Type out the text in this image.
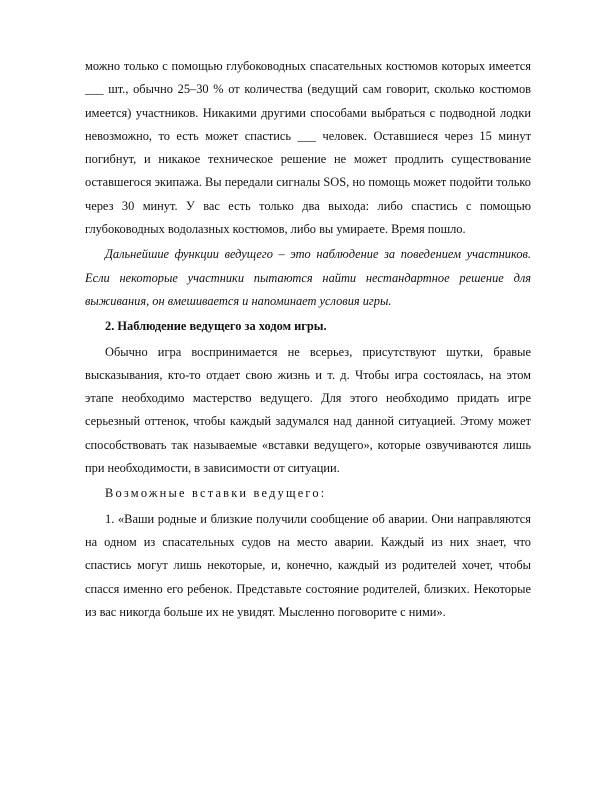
можно только с помощью глубоководных спасательных костюмов которых имеется ___ шт., обычно 25–30 % от количества (ведущий сам говорит, сколько костюмов имеется) участников. Никакими другими способами выбраться с подводной лодки невозможно, то есть может спастись ___ человек. Оставшиеся через 15 минут погибнут, и никакое техническое решение не может продлить существование оставшегося экипажа. Вы передали сигналы SOS, но помощь может подойти только через 30 минут. У вас есть только два выхода: либо спастись с помощью глубоководных водолазных костюмов, либо вы умираете. Время пошло.

Дальнейшие функции ведущего – это наблюдение за поведением участников. Если некоторые участники пытаются найти нестандартное решение для выживания, он вмешивается и напоминает условия игры.

2. Наблюдение ведущего за ходом игры.

Обычно игра воспринимается не всерьез, присутствуют шутки, бравые высказывания, кто-то отдает свою жизнь и т. д. Чтобы игра состоялась, на этом этапе необходимо мастерство ведущего. Для этого необходимо придать игре серьезный оттенок, чтобы каждый задумался над данной ситуацией. Этому может способствовать так называемые «вставки ведущего», которые озвучиваются лишь при необходимости, в зависимости от ситуации.

Возможные вставки ведущего:

1. «Ваши родные и близкие получили сообщение об аварии. Они направляются на одном из спасательных судов на место аварии. Каждый из них знает, что спастись могут лишь некоторые, и, конечно, каждый из родителей хочет, чтобы спасся именно его ребенок. Представьте состояние родителей, близких. Некоторые из вас никогда больше их не увидят. Мысленно поговорите с ними».
